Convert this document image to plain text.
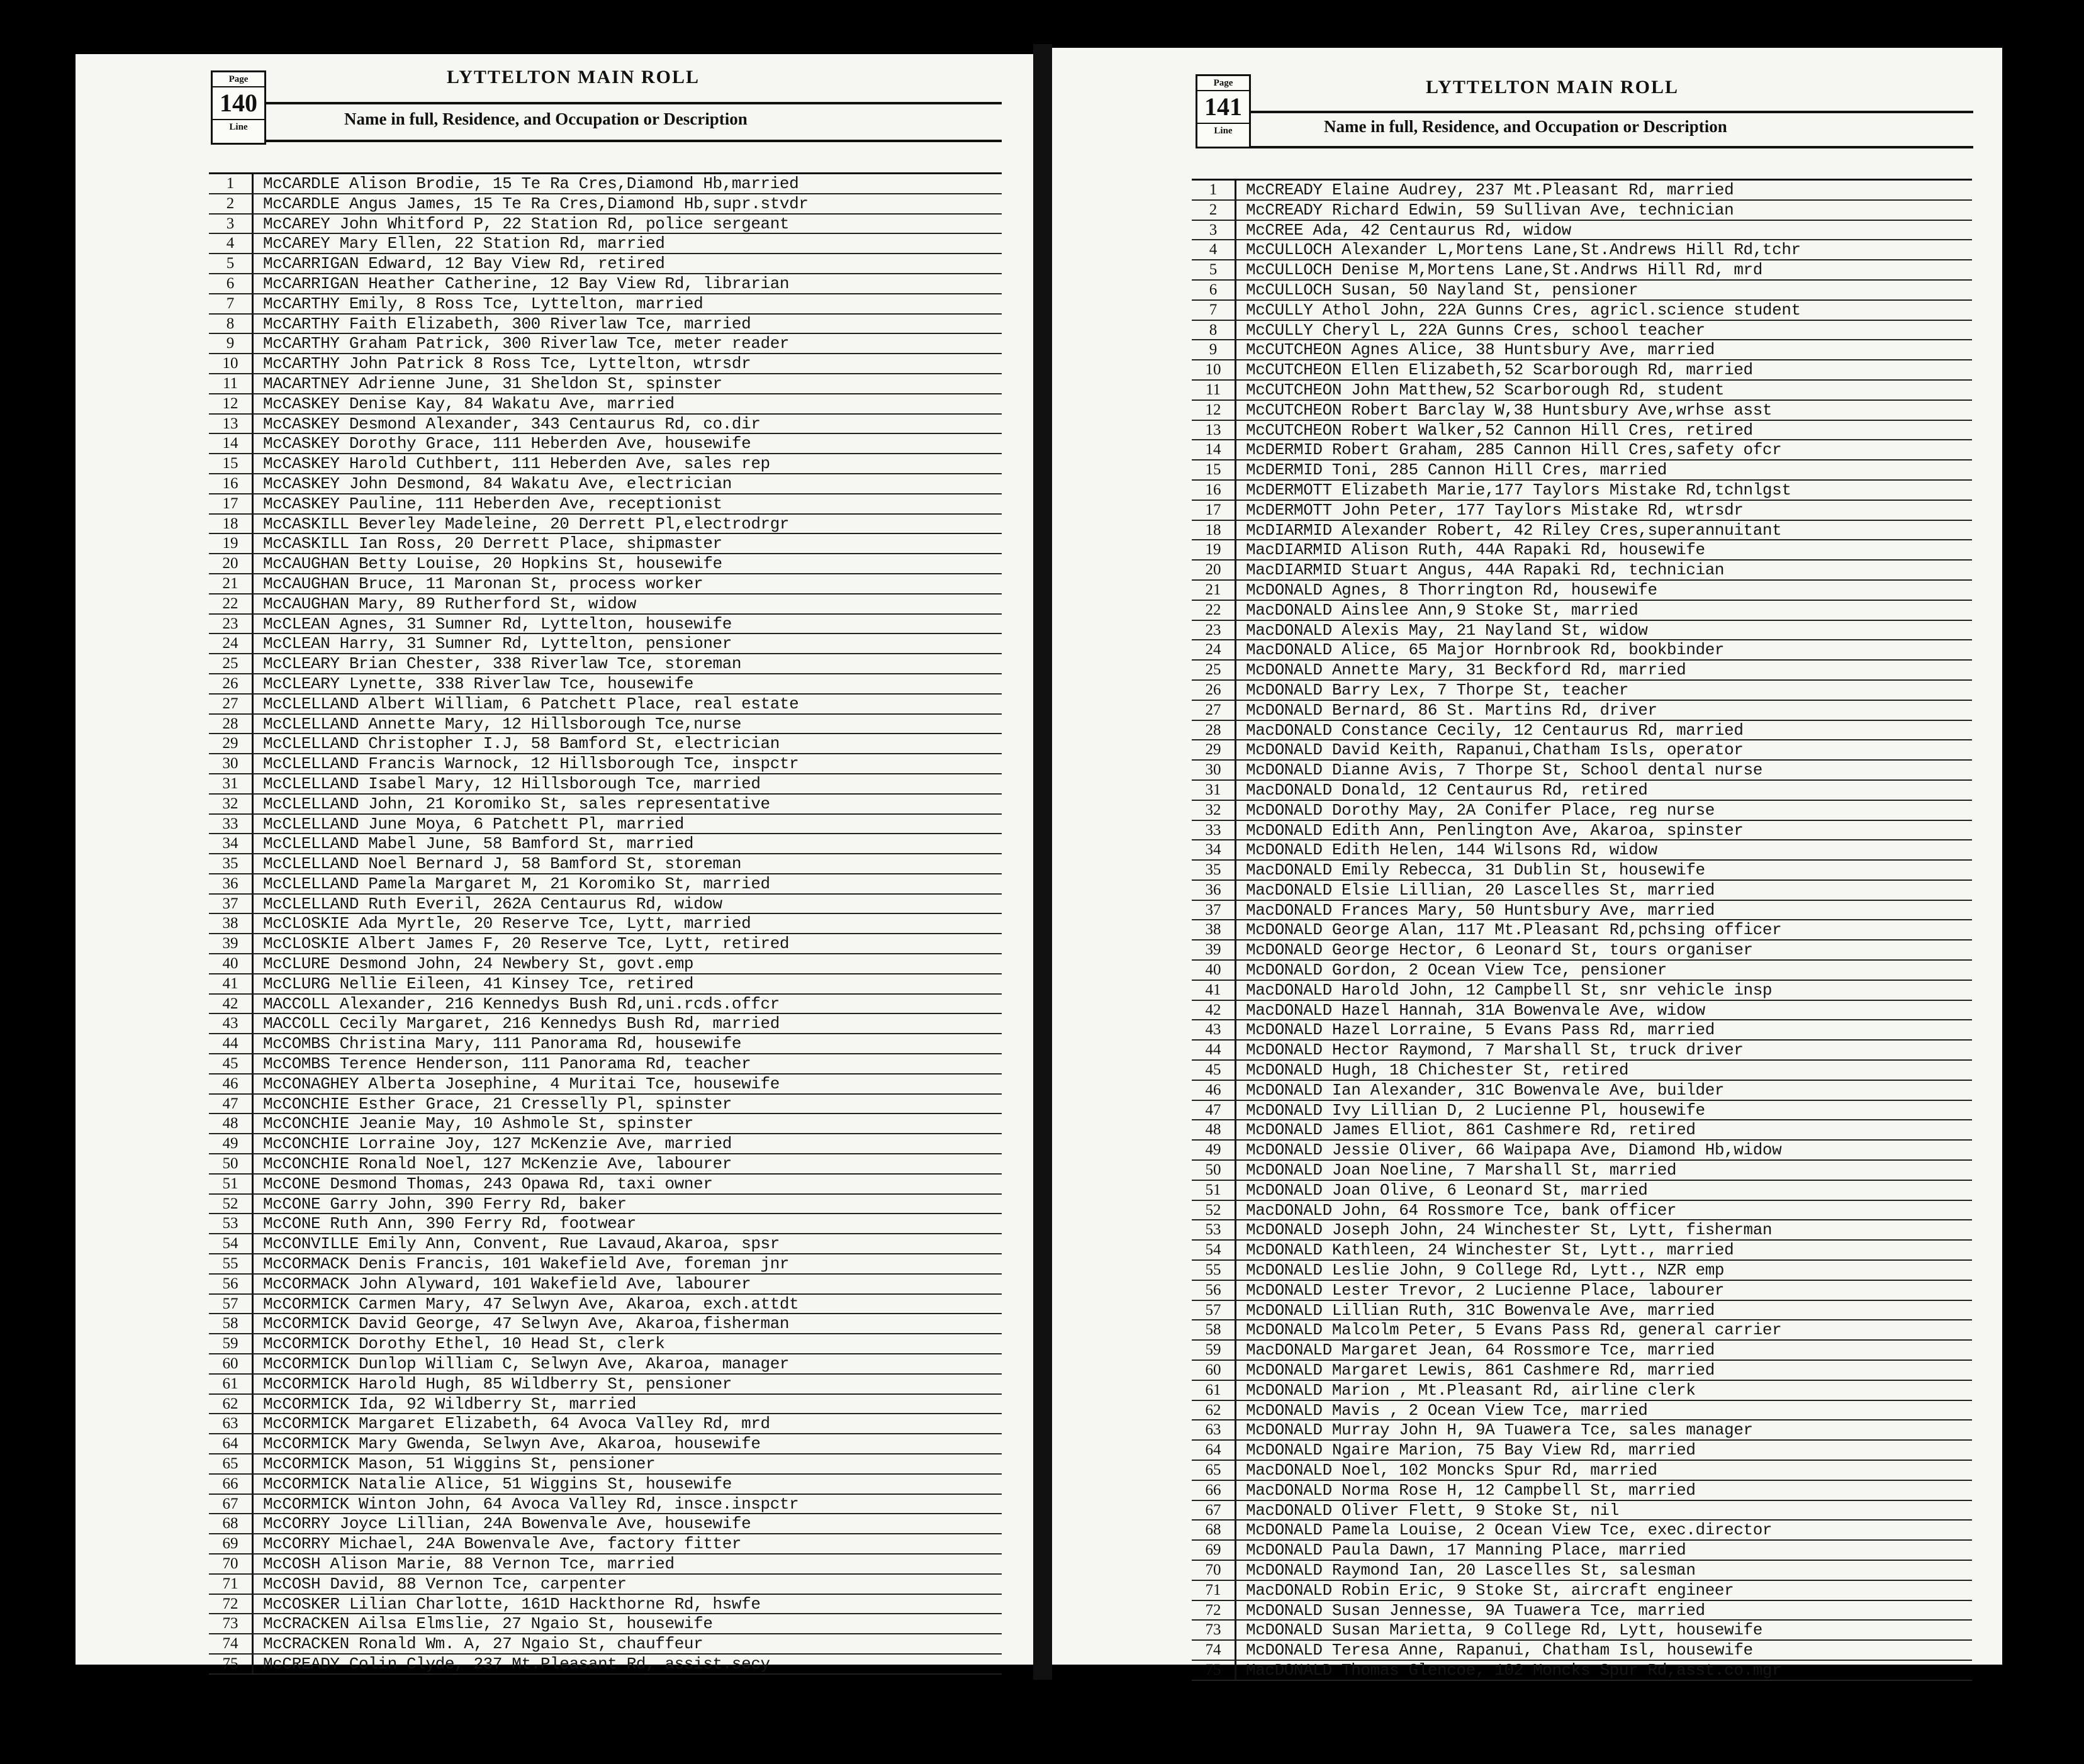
Page
140
Line
LYTTELTON MAIN ROLL
Name in full, Residence, and Occupation or Description
1	McCARDLE Alison Brodie, 15 Te Ra Cres,Diamond Hb,married
2	McCARDLE Angus James, 15 Te Ra Cres,Diamond Hb,supr.stvdr
3	McCAREY John Whitford P, 22 Station Rd, police sergeant
4	McCAREY Mary Ellen, 22 Station Rd, married
5	McCARRIGAN Edward, 12 Bay View Rd, retired
6	McCARRIGAN Heather Catherine, 12 Bay View Rd, librarian
7	McCARTHY Emily, 8 Ross Tce, Lyttelton, married
8	McCARTHY Faith Elizabeth, 300 Riverlaw Tce, married
9	McCARTHY Graham Patrick, 300 Riverlaw Tce, meter reader
10	McCARTHY John Patrick 8 Ross Tce, Lyttelton, wtrsdr
11	MACARTNEY Adrienne June, 31 Sheldon St, spinster
12	McCASKEY Denise Kay, 84 Wakatu Ave, married
13	McCASKEY Desmond Alexander, 343 Centaurus Rd, co.dir
14	McCASKEY Dorothy Grace, 111 Heberden Ave, housewife
15	McCASKEY Harold Cuthbert, 111 Heberden Ave, sales rep
16	McCASKEY John Desmond, 84 Wakatu Ave, electrician
17	McCASKEY Pauline, 111 Heberden Ave, receptionist
18	McCASKILL Beverley Madeleine, 20 Derrett Pl,electrodrgr
19	McCASKILL Ian Ross, 20 Derrett Place, shipmaster
20	McCAUGHAN Betty Louise, 20 Hopkins St, housewife
21	McCAUGHAN Bruce, 11 Maronan St, process worker
22	McCAUGHAN Mary, 89 Rutherford St, widow
23	McCLEAN Agnes, 31 Sumner Rd, Lyttelton, housewife
24	McCLEAN Harry, 31 Sumner Rd, Lyttelton, pensioner
25	McCLEARY Brian Chester, 338 Riverlaw Tce, storeman
26	McCLEARY Lynette, 338 Riverlaw Tce, housewife
27	McCLELLAND Albert William, 6 Patchett Place, real estate
28	McCLELLAND Annette Mary, 12 Hillsborough Tce,nurse
29	McCLELLAND Christopher I.J, 58 Bamford St, electrician
30	McCLELLAND Francis Warnock, 12 Hillsborough Tce, inspctr
31	McCLELLAND Isabel Mary, 12 Hillsborough Tce, married
32	McCLELLAND John, 21 Koromiko St, sales representative
33	McCLELLAND June Moya, 6 Patchett Pl, married
34	McCLELLAND Mabel June, 58 Bamford St, married
35	McCLELLAND Noel Bernard J, 58 Bamford St, storeman
36	McCLELLAND Pamela Margaret M, 21 Koromiko St, married
37	McCLELLAND Ruth Everil, 262A Centaurus Rd, widow
38	McCLOSKIE Ada Myrtle, 20 Reserve Tce, Lytt, married
39	McCLOSKIE Albert James F, 20 Reserve Tce, Lytt, retired
40	McCLURE Desmond John, 24 Newbery St, govt.emp
41	McCLURG Nellie Eileen, 41 Kinsey Tce, retired
42	MACCOLL Alexander, 216 Kennedys Bush Rd,uni.rcds.offcr
43	MACCOLL Cecily Margaret, 216 Kennedys Bush Rd, married
44	McCOMBS Christina Mary, 111 Panorama Rd, housewife
45	McCOMBS Terence Henderson, 111 Panorama Rd, teacher
46	McCONAGHEY Alberta Josephine, 4 Muritai Tce, housewife
47	McCONCHIE Esther Grace, 21 Cresselly Pl, spinster
48	McCONCHIE Jeanie May, 10 Ashmole St, spinster
49	McCONCHIE Lorraine Joy, 127 McKenzie Ave, married
50	McCONCHIE Ronald Noel, 127 McKenzie Ave, labourer
51	McCONE Desmond Thomas, 243 Opawa Rd, taxi owner
52	McCONE Garry John, 390 Ferry Rd, baker
53	McCONE Ruth Ann, 390 Ferry Rd, footwear
54	McCONVILLE Emily Ann, Convent, Rue Lavaud,Akaroa, spsr
55	McCORMACK Denis Francis, 101 Wakefield Ave, foreman jnr
56	McCORMACK John Alyward, 101 Wakefield Ave, labourer
57	McCORMICK Carmen Mary, 47 Selwyn Ave, Akaroa, exch.attdt
58	McCORMICK David George, 47 Selwyn Ave, Akaroa,fisherman
59	McCORMICK Dorothy Ethel, 10 Head St, clerk
60	McCORMICK Dunlop William C, Selwyn Ave, Akaroa, manager
61	McCORMICK Harold Hugh, 85 Wildberry St, pensioner
62	McCORMICK Ida, 92 Wildberry St, married
63	McCORMICK Margaret Elizabeth, 64 Avoca Valley Rd, mrd
64	McCORMICK Mary Gwenda, Selwyn Ave, Akaroa, housewife
65	McCORMICK Mason, 51 Wiggins St, pensioner
66	McCORMICK Natalie Alice, 51 Wiggins St, housewife
67	McCORMICK Winton John, 64 Avoca Valley Rd, insce.inspctr
68	McCORRY Joyce Lillian, 24A Bowenvale Ave, housewife
69	McCORRY Michael, 24A Bowenvale Ave, factory fitter
70	McCOSH Alison Marie, 88 Vernon Tce, married
71	McCOSH David, 88 Vernon Tce, carpenter
72	McCOSKER Lilian Charlotte, 161D Hackthorne Rd, hswfe
73	McCRACKEN Ailsa Elmslie, 27 Ngaio St, housewife
74	McCRACKEN Ronald Wm. A, 27 Ngaio St, chauffeur
75	McCREADY Colin Clyde, 237 Mt.Pleasant Rd, assist.secy
Page
141
Line
LYTTELTON MAIN ROLL
Name in full, Residence, and Occupation or Description
1	McCREADY Elaine Audrey, 237 Mt.Pleasant Rd, married
2	McCREADY Richard Edwin, 59 Sullivan Ave, technician
3	McCREE Ada, 42 Centaurus Rd, widow
4	McCULLOCH Alexander L,Mortens Lane,St.Andrews Hill Rd,tchr
5	McCULLOCH Denise M,Mortens Lane,St.Andrws Hill Rd, mrd
6	McCULLOCH Susan, 50 Nayland St, pensioner
7	McCULLY Athol John, 22A Gunns Cres, agricl.science student
8	McCULLY Cheryl L, 22A Gunns Cres, school teacher
9	McCUTCHEON Agnes Alice, 38 Huntsbury Ave, married
10	McCUTCHEON Ellen Elizabeth,52 Scarborough Rd, married
11	McCUTCHEON John Matthew,52 Scarborough Rd, student
12	McCUTCHEON Robert Barclay W,38 Huntsbury Ave,wrhse asst
13	McCUTCHEON Robert Walker,52 Cannon Hill Cres, retired
14	McDERMID Robert Graham, 285 Cannon Hill Cres,safety ofcr
15	McDERMID Toni, 285 Cannon Hill Cres, married
16	McDERMOTT Elizabeth Marie,177 Taylors Mistake Rd,tchnlgst
17	McDERMOTT John Peter, 177 Taylors Mistake Rd, wtrsdr
18	McDIARMID Alexander Robert, 42 Riley Cres,superannuitant
19	MacDIARMID Alison Ruth, 44A Rapaki Rd, housewife
20	MacDIARMID Stuart Angus, 44A Rapaki Rd, technician
21	McDONALD Agnes, 8 Thorrington Rd, housewife
22	MacDONALD Ainslee Ann,9 Stoke St, married
23	MacDONALD Alexis May, 21 Nayland St, widow
24	MacDONALD Alice, 65 Major Hornbrook Rd, bookbinder
25	McDONALD Annette Mary, 31 Beckford Rd, married
26	McDONALD Barry Lex, 7 Thorpe St, teacher
27	McDONALD Bernard, 86 St. Martins Rd, driver
28	MacDONALD Constance Cecily, 12 Centaurus Rd, married
29	McDONALD David Keith, Rapanui,Chatham Isls, operator
30	McDONALD Dianne Avis, 7 Thorpe St, School dental nurse
31	MacDONALD Donald, 12 Centaurus Rd, retired
32	McDONALD Dorothy May, 2A Conifer Place, reg nurse
33	McDONALD Edith Ann, Penlington Ave, Akaroa, spinster
34	McDONALD Edith Helen, 144 Wilsons Rd, widow
35	MacDONALD Emily Rebecca, 31 Dublin St, housewife
36	MacDONALD Elsie Lillian, 20 Lascelles St, married
37	MacDONALD Frances Mary, 50 Huntsbury Ave, married
38	McDONALD George Alan, 117 Mt.Pleasant Rd,pchsing officer
39	McDONALD George Hector, 6 Leonard St, tours organiser
40	McDONALD Gordon, 2 Ocean View Tce, pensioner
41	MacDONALD Harold John, 12 Campbell St, snr vehicle insp
42	MacDONALD Hazel Hannah, 31A Bowenvale Ave, widow
43	McDONALD Hazel Lorraine, 5 Evans Pass Rd, married
44	McDONALD Hector Raymond, 7 Marshall St, truck driver
45	McDONALD Hugh, 18 Chichester St, retired
46	McDONALD Ian Alexander, 31C Bowenvale Ave, builder
47	McDONALD Ivy Lillian D, 2 Lucienne Pl, housewife
48	McDONALD James Elliot, 861 Cashmere Rd, retired
49	McDONALD Jessie Oliver, 66 Waipapa Ave, Diamond Hb,widow
50	McDONALD Joan Noeline, 7 Marshall St, married
51	McDONALD Joan Olive, 6 Leonard St, married
52	MacDONALD John, 64 Rossmore Tce, bank officer
53	McDONALD Joseph John, 24 Winchester St, Lytt, fisherman
54	McDONALD Kathleen, 24 Winchester St, Lytt., married
55	McDONALD Leslie John, 9 College Rd, Lytt., NZR emp
56	McDONALD Lester Trevor, 2 Lucienne Place, labourer
57	McDONALD Lillian Ruth, 31C Bowenvale Ave, married
58	McDONALD Malcolm Peter, 5 Evans Pass Rd, general carrier
59	MacDONALD Margaret Jean, 64 Rossmore Tce, married
60	McDONALD Margaret Lewis, 861 Cashmere Rd, married
61	McDONALD Marion , Mt.Pleasant Rd, airline clerk
62	McDONALD Mavis , 2 Ocean View Tce, married
63	McDONALD Murray John H, 9A Tuawera Tce, sales manager
64	McDONALD Ngaire Marion, 75 Bay View Rd, married
65	MacDONALD Noel, 102 Moncks Spur Rd, married
66	MacDONALD Norma Rose H, 12 Campbell St, married
67	MacDONALD Oliver Flett, 9 Stoke St, nil
68	McDONALD Pamela Louise, 2 Ocean View Tce, exec.director
69	McDONALD Paula Dawn, 17 Manning Place, married
70	McDONALD Raymond Ian, 20 Lascelles St, salesman
71	MacDONALD Robin Eric, 9 Stoke St, aircraft engineer
72	McDONALD Susan Jennesse, 9A Tuawera Tce, married
73	McDONALD Susan Marietta, 9 College Rd, Lytt, housewife
74	McDONALD Teresa Anne, Rapanui, Chatham Isl, housewife
75	MacDONALD Thomas Glencoe, 102 Moncks Spur Rd,asst.co.mgr
